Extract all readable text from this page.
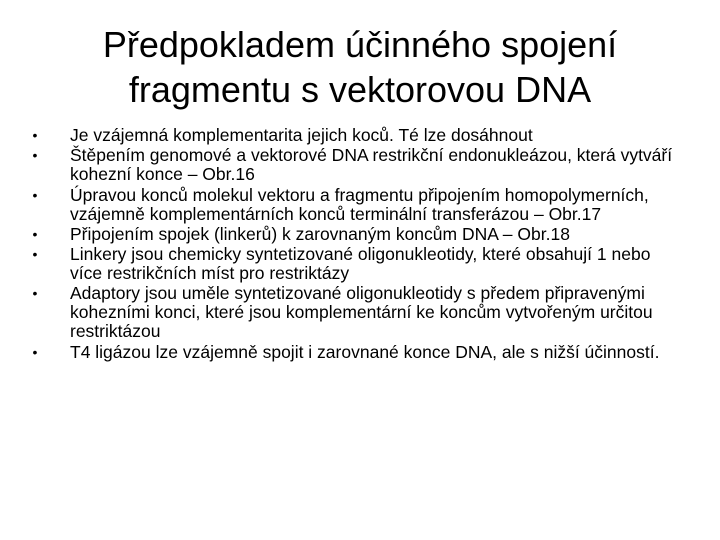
Předpokladem účinného spojení
fragmentu s vektorovou DNA
• Je vzájemná komplementarita jejich koců. Té lze dosáhnout
• Štěpením genomové a vektorové DNA restrikční endonukleázou, která vytváří kohezní konce – Obr.16
• Úpravou konců molekul vektoru a fragmentu připojením homopolymerních, vzájemně komplementárních konců terminální transferázou – Obr.17
• Připojením spojek (linkerů) k zarovnaným koncům DNA – Obr.18
• Linkery jsou chemicky syntetizované oligonukleotidy, které obsahují 1 nebo více restrikčních míst pro restriktázy
• Adaptory jsou uměle syntetizované oligonukleotidy s předem připravenými kohezními konci, které jsou komplementární ke koncům vytvořeným určitou restriktázou
• T4 ligázou lze vzájemně spojit i zarovnané konce DNA, ale s nižší účinností.
